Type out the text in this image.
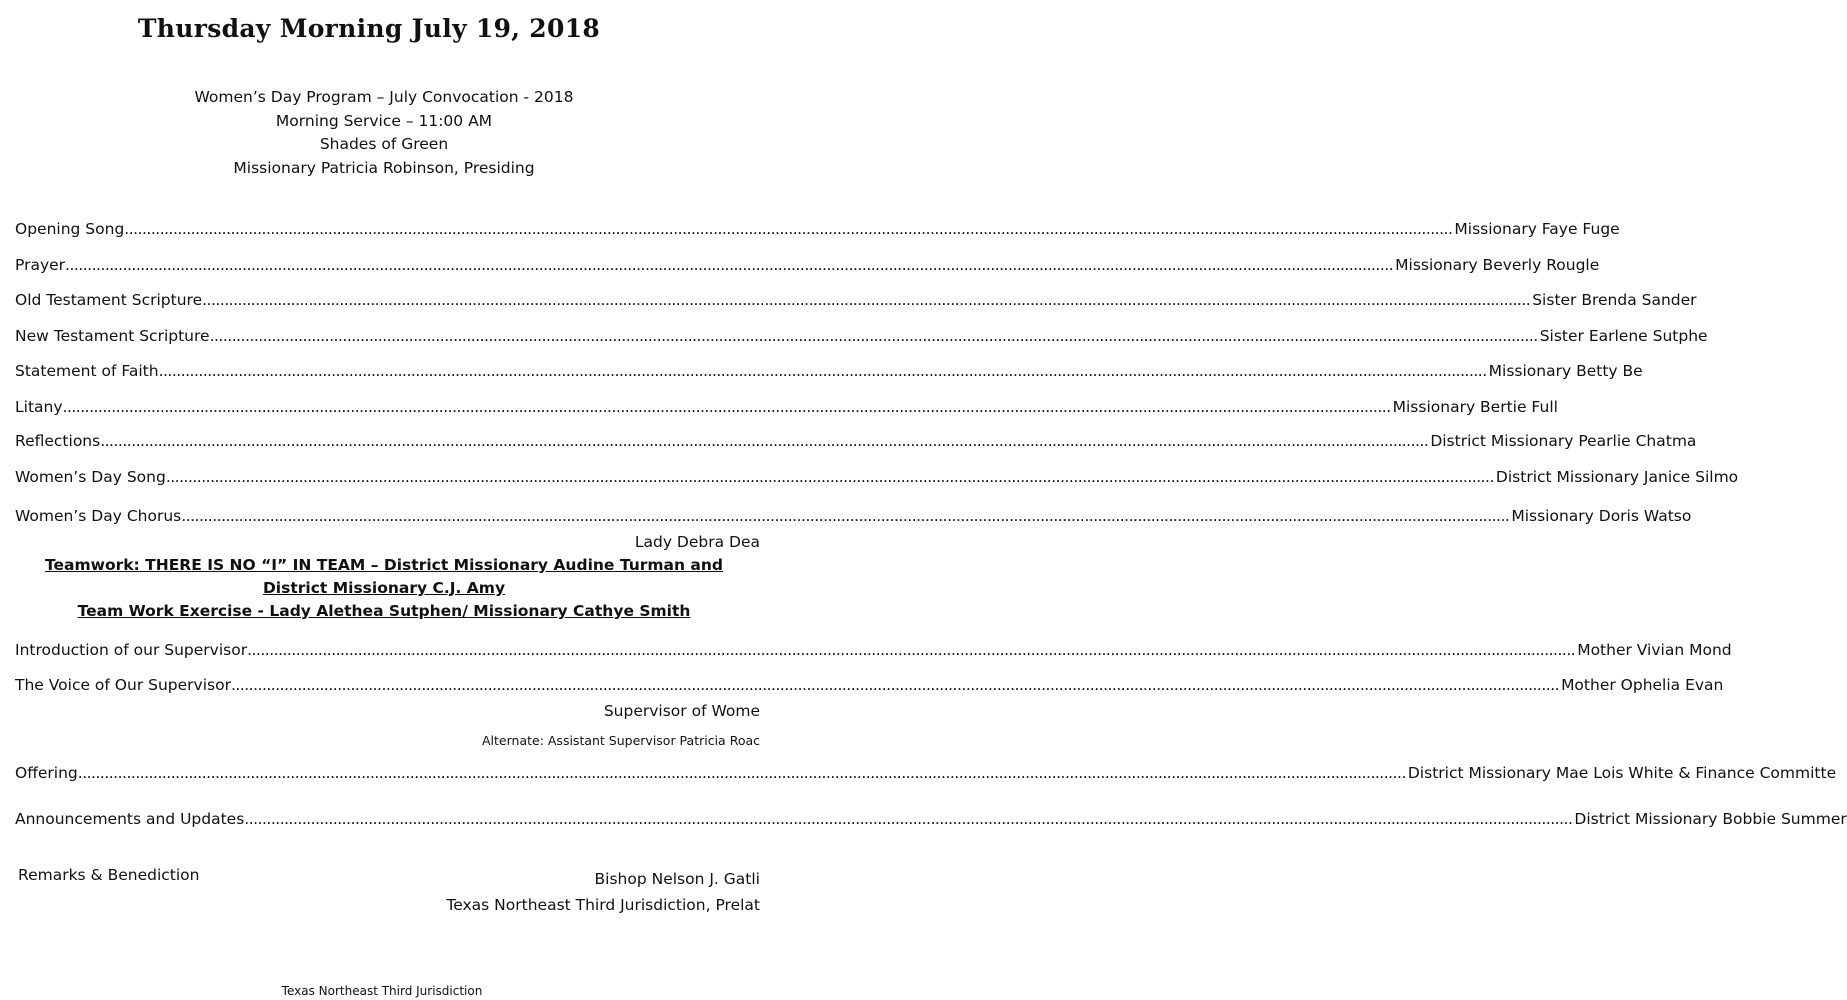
Thursday Morning July 19, 2018
Women’s Day Program – July Convocation - 2018
Morning Service – 11:00 AM
Shades of Green
Missionary Patricia Robinson, Presiding
Opening Song ............................................................................................................................................................................................................................................................................................................ Missionary Faye Fuge
Prayer ............................................................................................................................................................................................................................................................................................................ Missionary Beverly Rougle
Old Testament Scripture ............................................................................................................................................................................................................................................................................................................ Sister Brenda Sander
New Testament Scripture ............................................................................................................................................................................................................................................................................................................ Sister Earlene Sutphe
Statement of Faith ............................................................................................................................................................................................................................................................................................................ Missionary Betty Be
Litany ............................................................................................................................................................................................................................................................................................................ Missionary Bertie Full
Reflections ............................................................................................................................................................................................................................................................................................................ District Missionary Pearlie Chatma
Women’s Day Song ............................................................................................................................................................................................................................................................................................................ District Missionary Janice Silmo
Women’s Day Chorus ............................................................................................................................................................................................................................................................................................................ Missionary Doris Watso
Lady Debra Dea
Teamwork: THERE IS NO “I” IN TEAM – District Missionary Audine Turman and
District Missionary C.J. Amy
Team Work Exercise - Lady Alethea Sutphen/ Missionary Cathye Smith
Introduction of our Supervisor ............................................................................................................................................................................................................................................................................................................ Mother Vivian Mond
The Voice of Our Supervisor ............................................................................................................................................................................................................................................................................................................ Mother Ophelia Evan
Supervisor of Wome
Alternate: Assistant Supervisor Patricia Roac
Offering ............................................................................................................................................................................................................................................................................................................ District Missionary Mae Lois White & Finance Committe
Announcements and Updates ............................................................................................................................................................................................................................................................................................................ District Missionary Bobbie Summer
Remarks & Benediction	Bishop Nelson J. Gatli
Texas Northeast Third Jurisdiction, Prelat
Texas Northeast Third Jurisdiction
